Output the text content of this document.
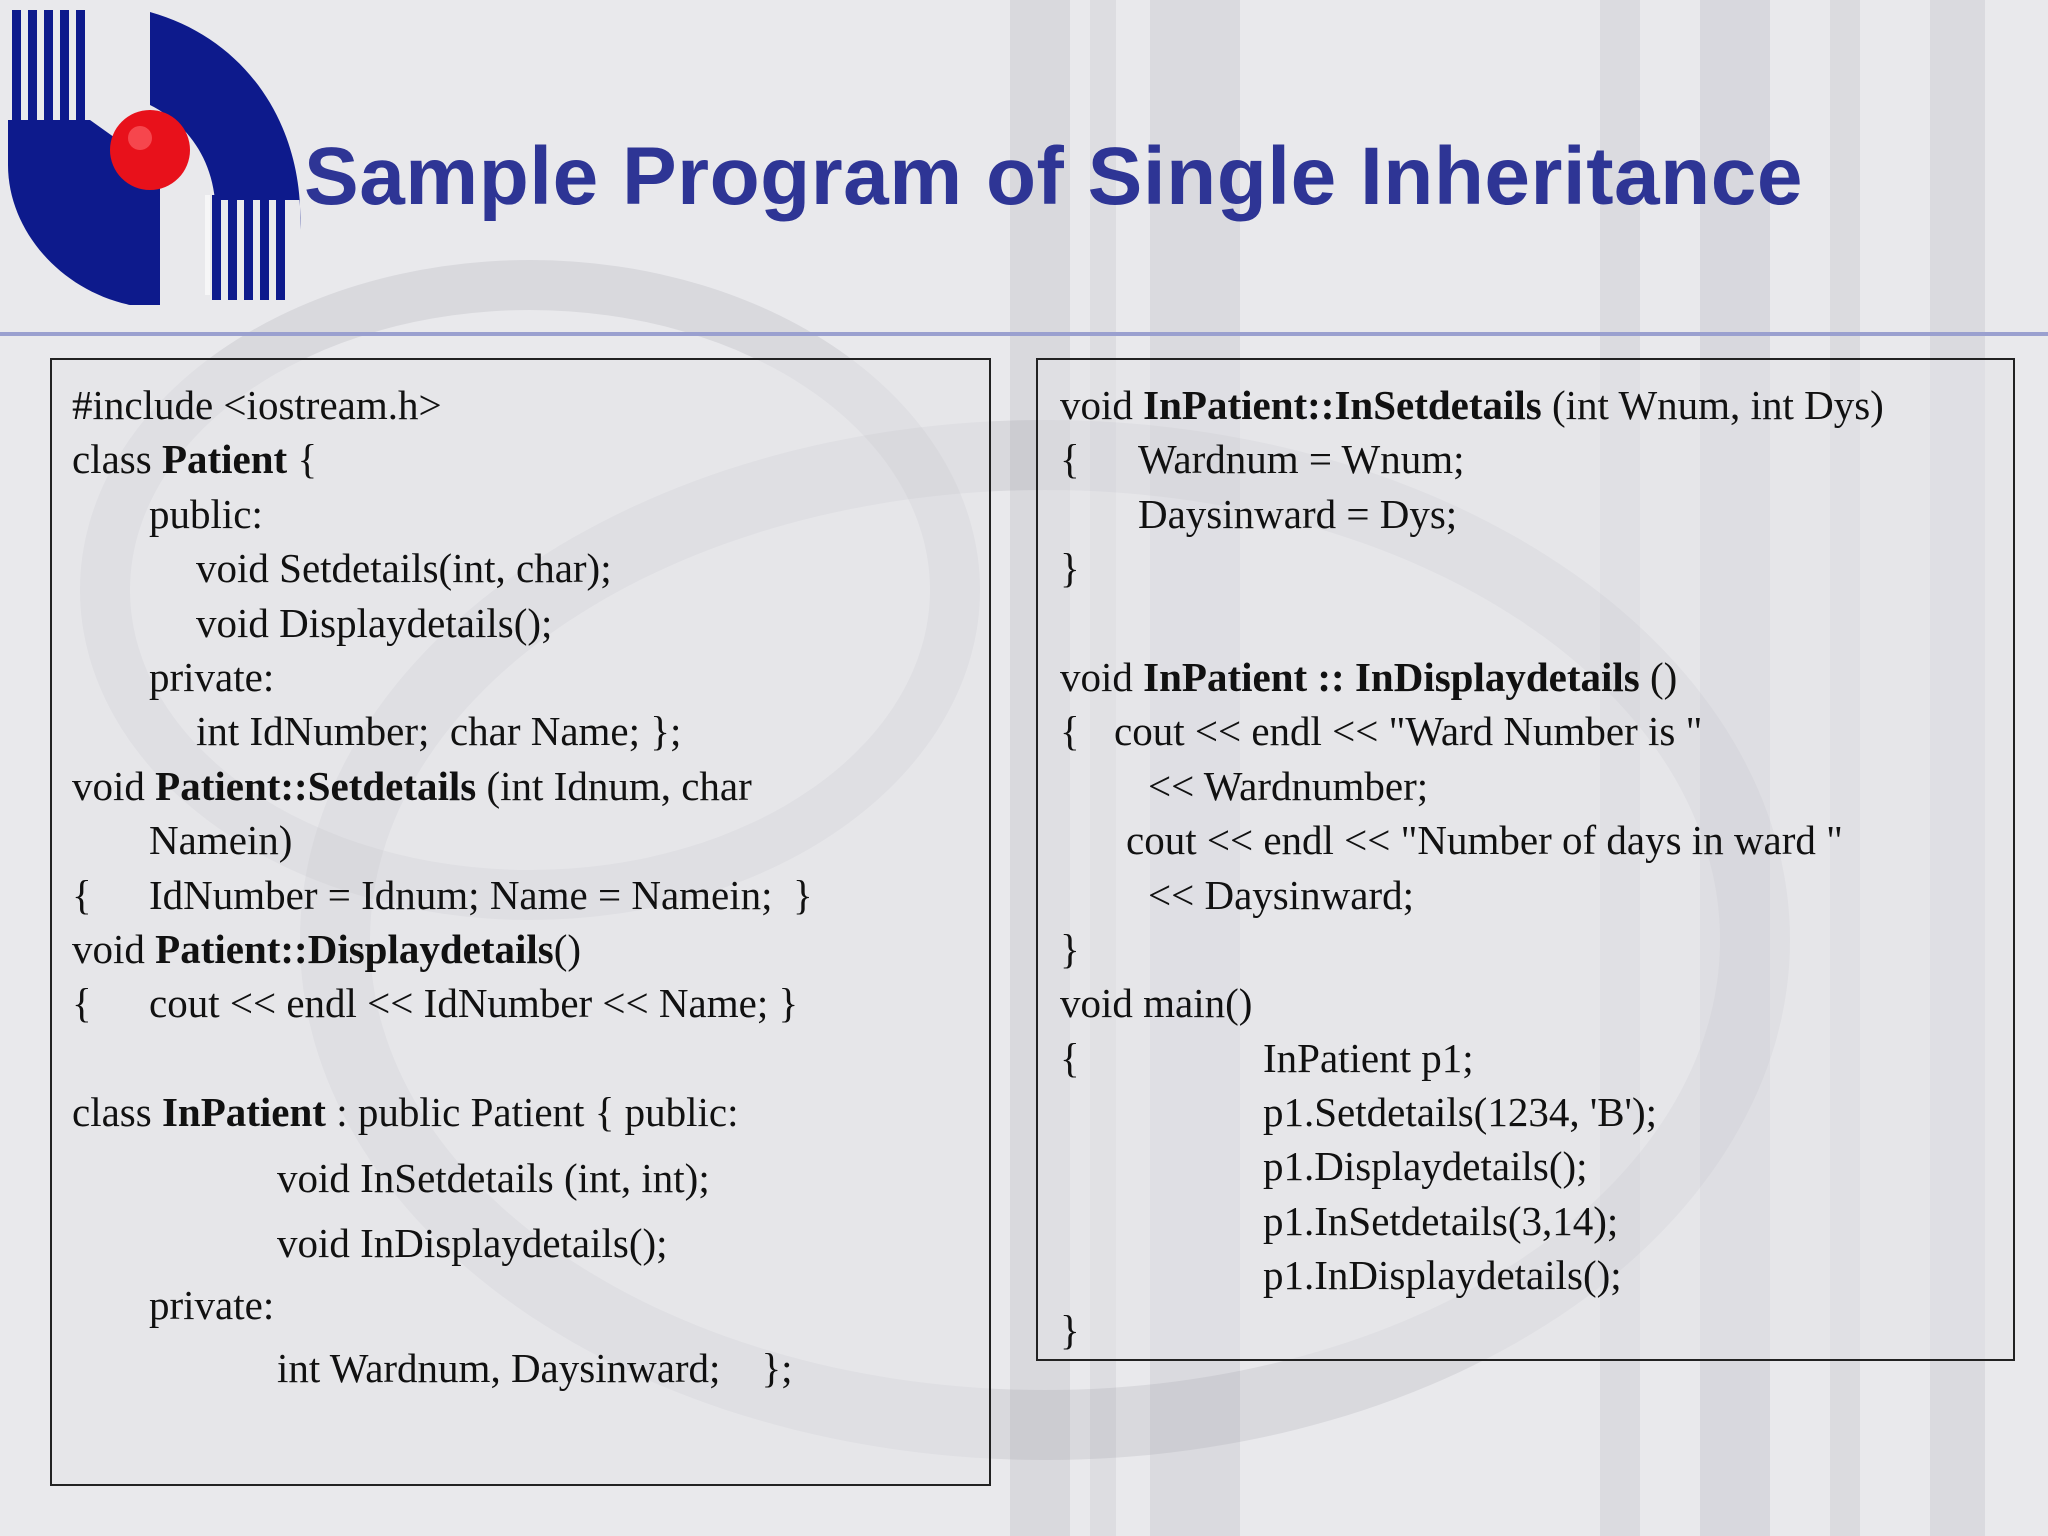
Sample Program of Single Inheritance
#include <iostream.h>
class Patient {
public:
void Setdetails(int, char);
void Displaydetails();
private:
int IdNumber;  char Name; };
void Patient::Setdetails (int Idnum, char
Namein)
{ IdNumber = Idnum; Name = Namein;  }
void Patient::Displaydetails()
{ cout << endl << IdNumber << Name; }
class InPatient : public Patient { public:
void InSetdetails (int, int);
void InDisplaydetails();
private:
int Wardnum, Daysinward;    };
void InPatient::InSetdetails (int Wnum, int Dys)
{ Wardnum = Wnum;
Daysinward = Dys;
}
void InPatient :: InDisplaydetails ()
{ cout << endl << "Ward Number is "
<< Wardnumber;
cout << endl << "Number of days in ward "
<< Daysinward;
}
void main()
{	InPatient p1;
p1.Setdetails(1234, 'B');
p1.Displaydetails();
p1.InSetdetails(3,14);
p1.InDisplaydetails();
}
